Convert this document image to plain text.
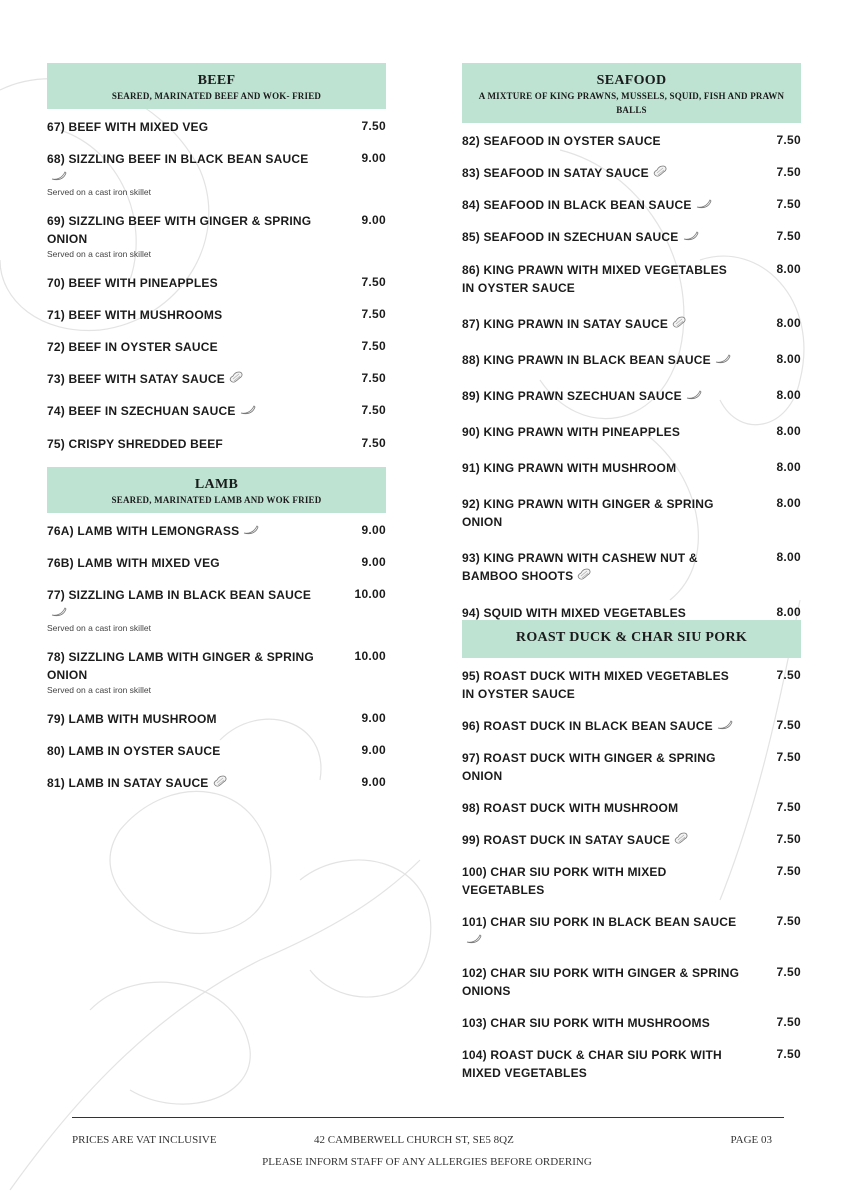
BEEF
SEARED, MARINATED BEEF AND WOK- FRIED
67) BEEF WITH MIXED VEG	7.50
68) SIZZLING BEEF IN BLACK BEAN SAUCE
Served on a cast iron skillet
9.00
69) SIZZLING BEEF WITH GINGER & SPRING ONION
Served on a cast iron skillet
9.00
70) BEEF WITH PINEAPPLES	7.50
71) BEEF WITH MUSHROOMS	7.50
72) BEEF IN OYSTER SAUCE	7.50
73) BEEF WITH SATAY SAUCE	7.50
74) BEEF IN SZECHUAN SAUCE	7.50
75) CRISPY SHREDDED BEEF	7.50
LAMB
SEARED, MARINATED LAMB AND WOK FRIED
76A) LAMB WITH LEMONGRASS	9.00
76B) LAMB WITH MIXED VEG	9.00
77) SIZZLING LAMB IN BLACK BEAN SAUCE
Served on a cast iron skillet
10.00
78) SIZZLING LAMB WITH GINGER & SPRING ONION
Served on a cast iron skillet
10.00
79) LAMB WITH MUSHROOM	9.00
80) LAMB IN OYSTER SAUCE	9.00
81) LAMB IN SATAY SAUCE	9.00
SEAFOOD
A MIXTURE OF KING PRAWNS, MUSSELS, SQUID, FISH AND PRAWN BALLS
82) SEAFOOD IN OYSTER SAUCE	7.50
83) SEAFOOD IN SATAY SAUCE	7.50
84) SEAFOOD IN BLACK BEAN SAUCE	7.50
85) SEAFOOD IN SZECHUAN SAUCE	7.50
86) KING PRAWN WITH MIXED VEGETABLES IN OYSTER SAUCE
8.00
87) KING PRAWN IN SATAY SAUCE	8.00
88) KING PRAWN IN BLACK BEAN SAUCE	8.00
89) KING PRAWN SZECHUAN SAUCE	8.00
90) KING PRAWN WITH PINEAPPLES	8.00
91) KING PRAWN WITH MUSHROOM	8.00
92) KING PRAWN WITH GINGER & SPRING ONION
8.00
93) KING PRAWN WITH CASHEW NUT & BAMBOO SHOOTS
8.00
94) SQUID WITH MIXED VEGETABLES	8.00
ROAST DUCK & CHAR SIU PORK
95) ROAST DUCK WITH MIXED VEGETABLES IN OYSTER SAUCE
7.50
96) ROAST DUCK IN BLACK BEAN SAUCE	7.50
97) ROAST DUCK WITH GINGER & SPRING ONION
7.50
98) ROAST DUCK WITH MUSHROOM	7.50
99) ROAST DUCK IN SATAY SAUCE	7.50
100) CHAR SIU PORK WITH MIXED VEGETABLES
7.50
101) CHAR SIU PORK IN BLACK BEAN SAUCE	7.50
102) CHAR SIU PORK WITH GINGER & SPRING ONIONS
7.50
103) CHAR SIU PORK WITH MUSHROOMS	7.50
104) ROAST DUCK & CHAR SIU PORK WITH MIXED VEGETABLES
7.50
PRICES ARE VAT INCLUSIVE	42 CAMBERWELL CHURCH ST, SE5 8QZ	PAGE 03
PLEASE INFORM STAFF OF ANY ALLERGIES BEFORE ORDERING
